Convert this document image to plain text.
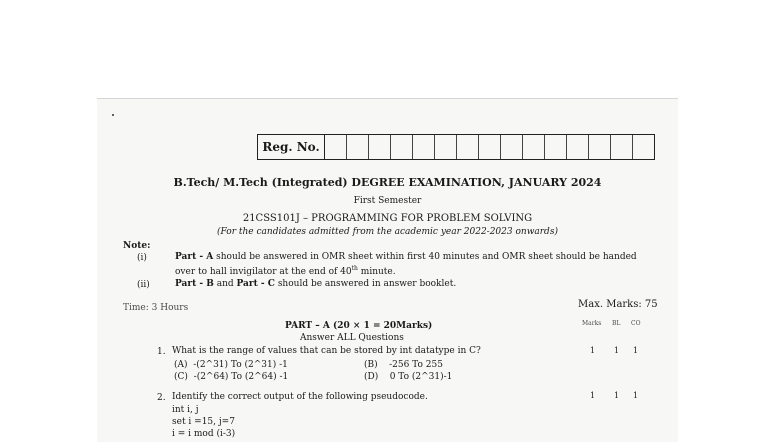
Reg. No.
B.Tech/ M.Tech (Integrated) DEGREE EXAMINATION, JANUARY 2024
First Semester
21CSS101J – PROGRAMMING FOR PROBLEM SOLVING
(For the candidates admitted from the academic year 2022-2023 onwards)
Note:
(i)	Part - A should be answered in OMR sheet within first 40 minutes and OMR sheet should be handed
over to hall invigilator at the end of 40th minute.
(ii)	Part - B and Part - C should be answered in answer booklet.
Time: 3 Hours	Max. Marks: 75
PART – A (20 × 1 = 20Marks)
Answer ALL Questions
Marks BL CO
1. What is the range of values that can be stored by int datatype in C?	1 1 1
(A) -(2^31) To (2^31) -1	(B) -256 To 255
(C) -(2^64) To (2^64) -1	(D) 0 To (2^31)-1
2. Identify the correct output of the following pseudocode.	1 1 1
int i, j
set i =15, j=7
i = i mod (i-3)
